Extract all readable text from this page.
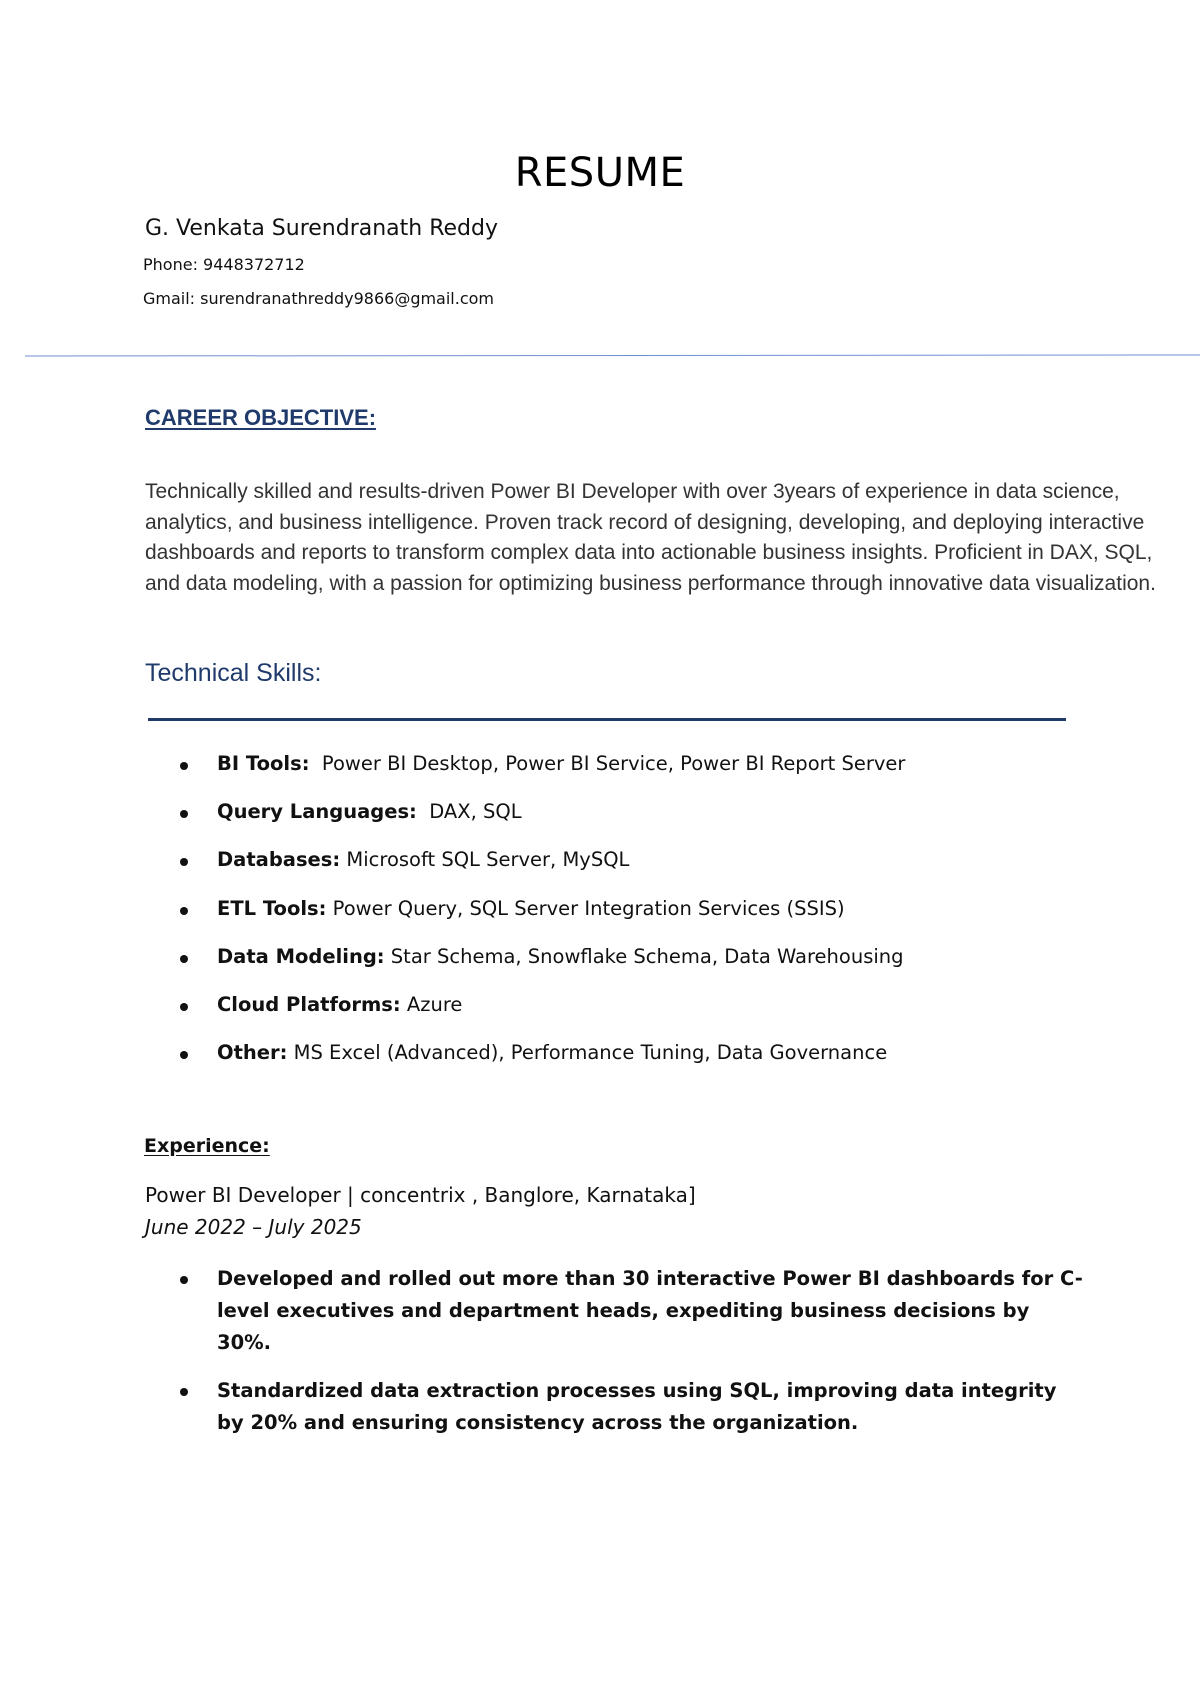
RESUME
G. Venkata Surendranath Reddy
Phone: 9448372712
Gmail: surendranathreddy9866@gmail.com
CAREER OBJECTIVE:
Technically skilled and results-driven Power BI Developer with over 3years of experience in data science, analytics, and business intelligence. Proven track record of designing, developing, and deploying interactive dashboards and reports to transform complex data into actionable business insights. Proficient in DAX, SQL, and data modeling, with a passion for optimizing business performance through innovative data visualization.
Technical Skills:
BI Tools:  Power BI Desktop, Power BI Service, Power BI Report Server
Query Languages:  DAX, SQL
Databases: Microsoft SQL Server, MySQL
ETL Tools: Power Query, SQL Server Integration Services (SSIS)
Data Modeling: Star Schema, Snowflake Schema, Data Warehousing
Cloud Platforms: Azure
Other: MS Excel (Advanced), Performance Tuning, Data Governance
Experience:
Power BI Developer | concentrix , Banglore, Karnataka]
June 2022 – July 2025
Developed and rolled out more than 30 interactive Power BI dashboards for C-level executives and department heads, expediting business decisions by 30%.
Standardized data extraction processes using SQL, improving data integrity by 20% and ensuring consistency across the organization.
